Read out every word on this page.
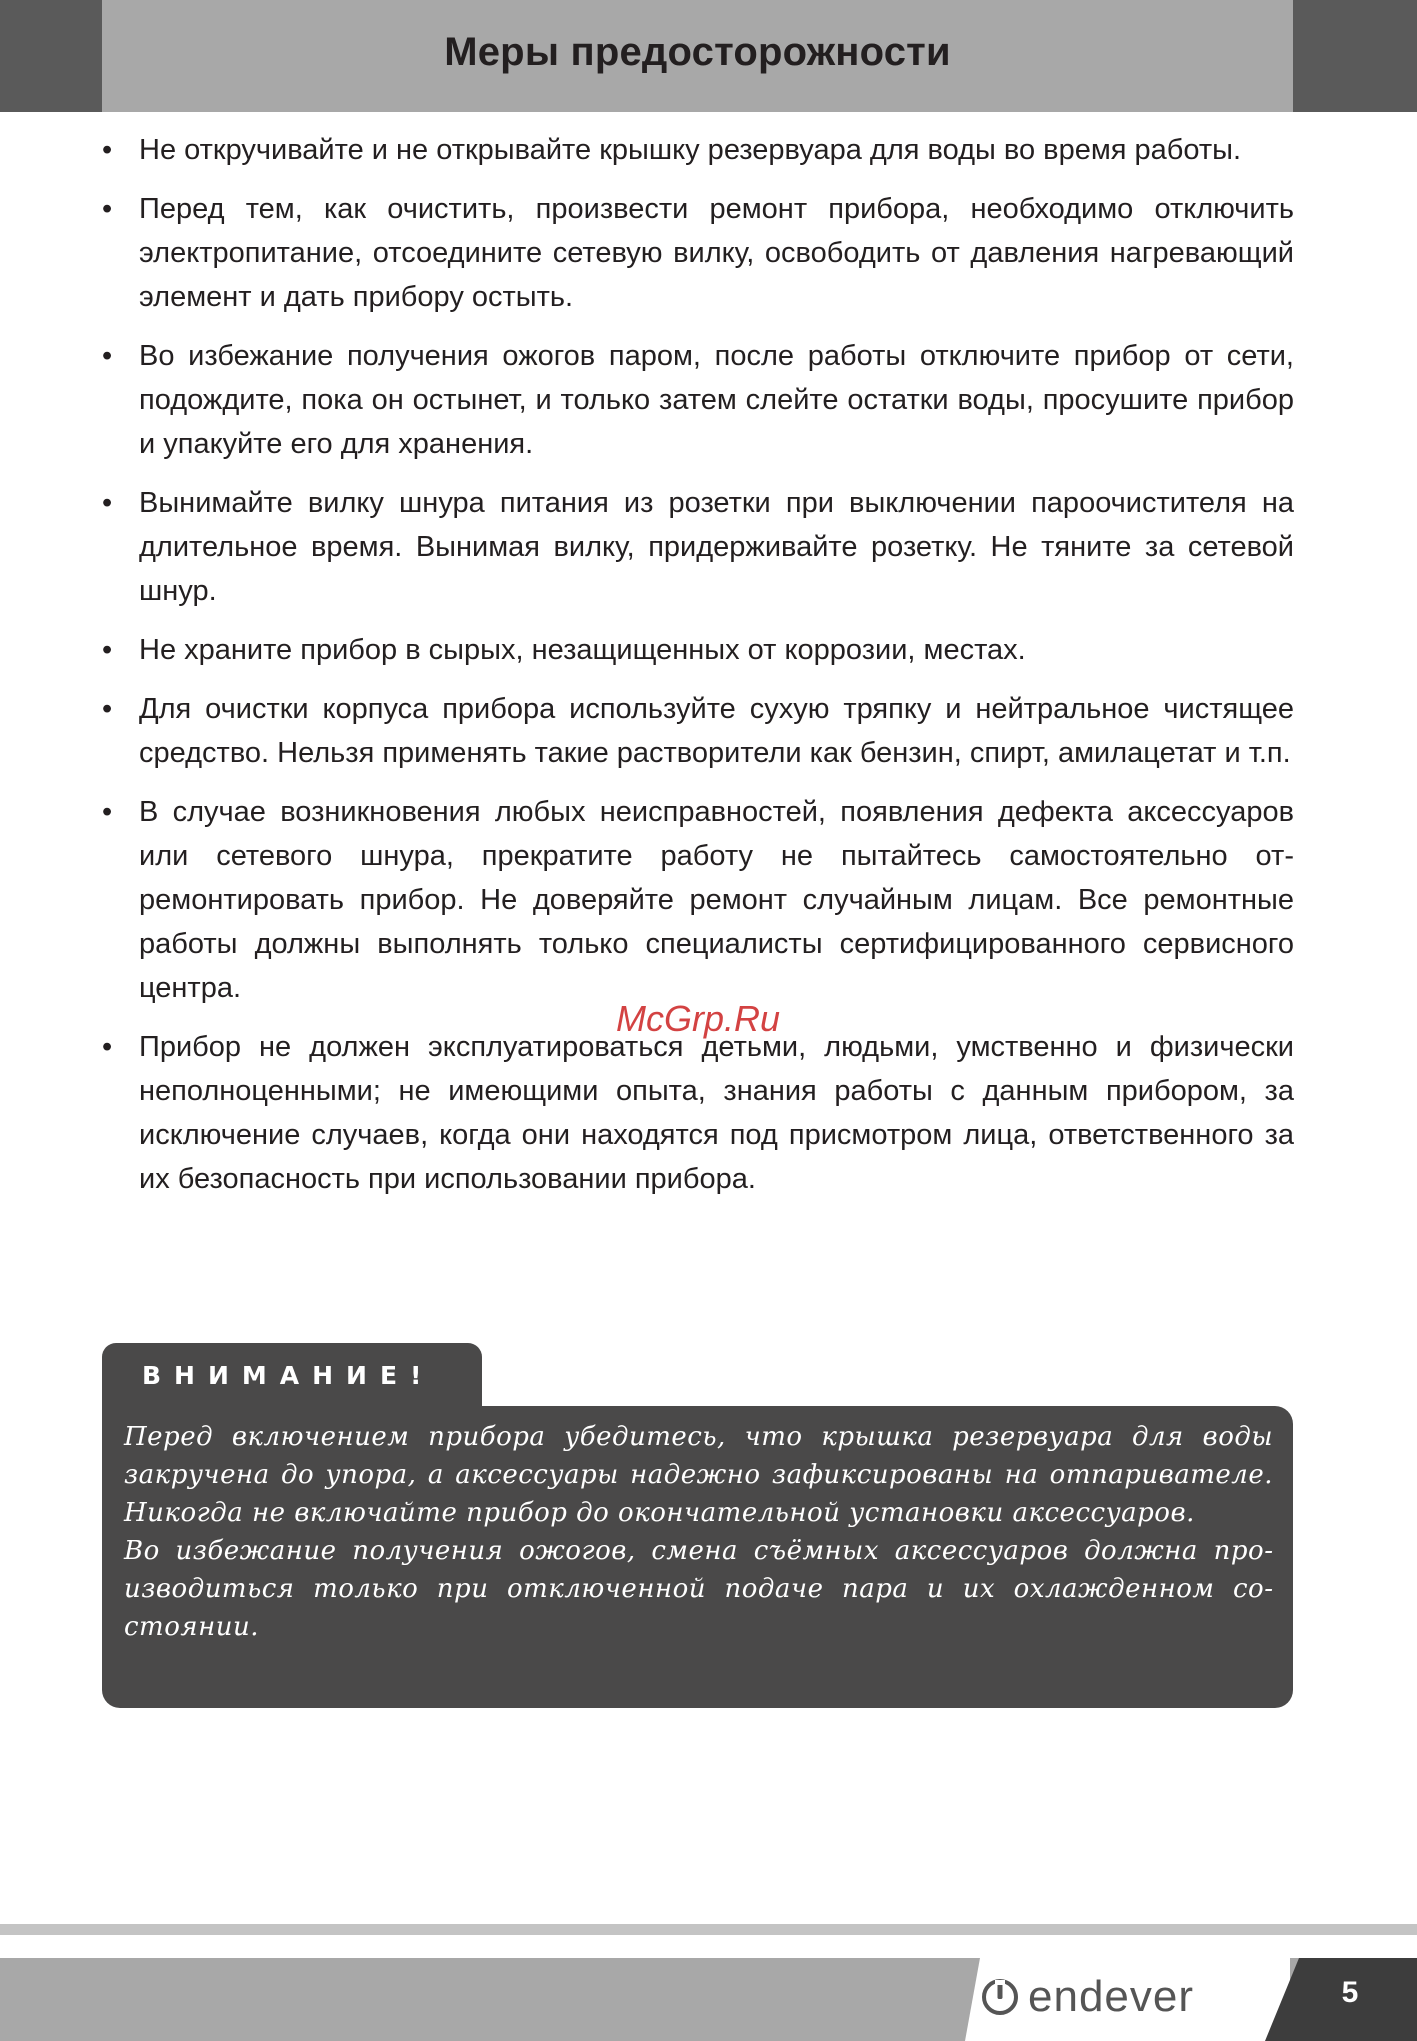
Меры предосторожности
• Не откручивайте и не открывайте крышку резервуара для воды во время работы.
• Перед тем, как очистить, произвести ремонт прибора, необходимо отключить электропитание, отсоедините сетевую вилку, освободить от давления нагревающий элемент и дать прибору остыть.
• Во избежание получения ожогов паром, после работы отключите прибор от сети, подождите, пока он остынет, и только затем слейте остатки воды, просушите прибор и упакуйте его для хранения.
• Вынимайте вилку шнура питания из розетки при выключении пароочистителя на длительное время. Вынимая вилку, придерживайте розетку. Не тяните за сетевой шнур.
• Не храните прибор в сырых, незащищенных от коррозии, местах.
• Для очистки корпуса прибора используйте сухую тряпку и нейтральное чистящее средство. Нельзя применять такие растворители как бензин, спирт, амилацетат и т.п.
• В случае возникновения любых неисправностей, появления дефекта аксессуаров или сетевого шнура, прекратите работу не пытайтесь самостоятельно отремонтировать прибор. Не доверяйте ремонт случайным лицам. Все ремонтные работы должны выполнять только специалисты сертифицированного сервисного центра.
• Прибор не должен эксплуатироваться детьми, людьми, умственно и физически неполноценными; не имеющими опыта, знания работы с данным прибором, за исключение случаев, когда они находятся под присмотром лица, ответственного за их безопасность при использовании прибора.
McGrp.Ru
ВНИМАНИЕ!

Перед включением прибора убедитесь, что крышка резервуара для воды закручена до упора, а аксессуары надежно зафиксированы на отпаривателе. Никогда не включайте прибор до окончательной установки аксессуаров.

Во избежание получения ожогов, смена съёмных аксессуаров должна производиться только при отключенной подаче пара и их охлажденном состоянии.

endever	5
